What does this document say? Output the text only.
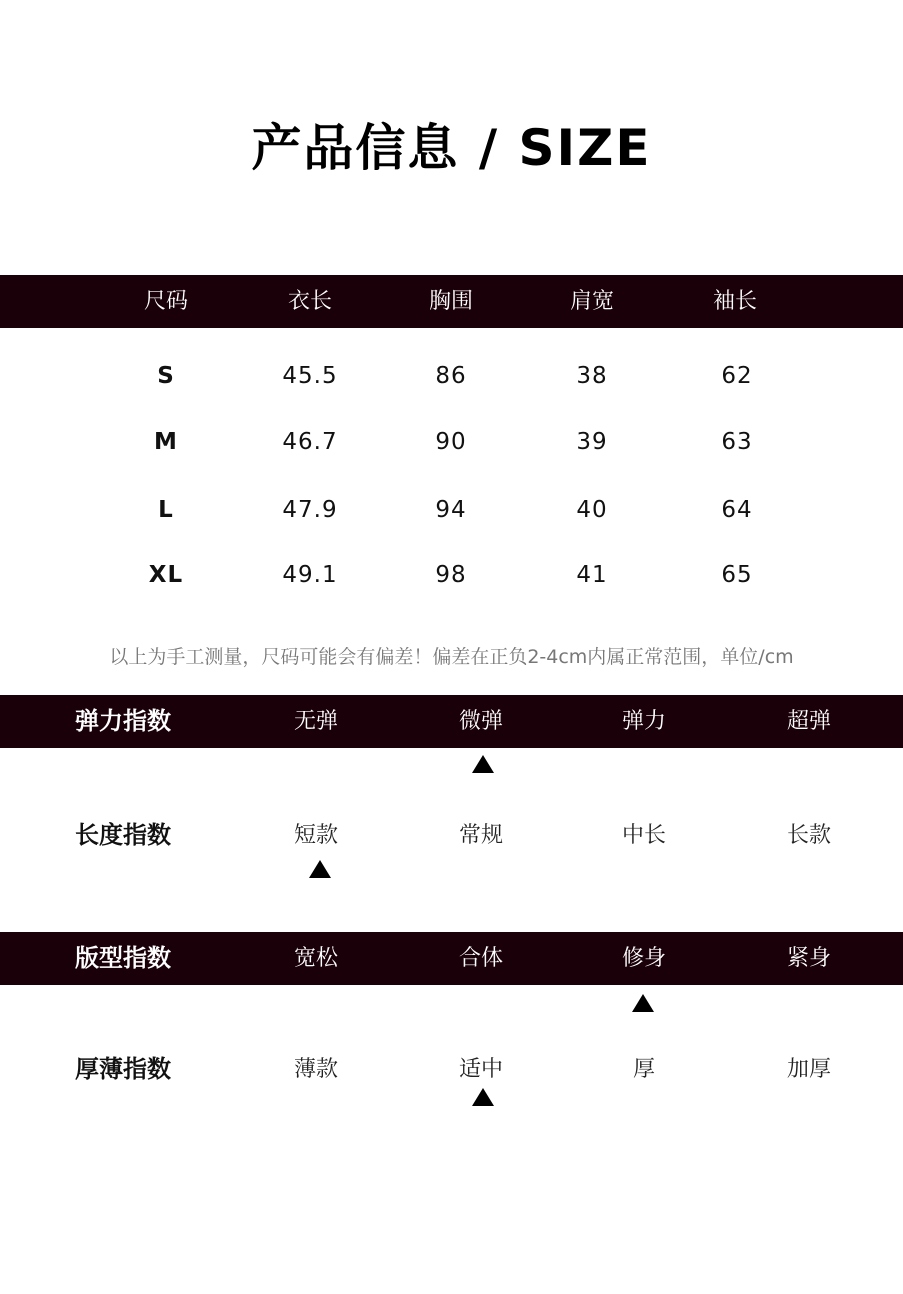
产品信息 / SIZE
尺码	衣长	胸围	肩宽	袖长
S	45.5	86	38	62
M	46.7	90	39	63
L	47.9	94	40	64
XL	49.1	98	41	65
以上为手工测量，尺码可能会有偏差！偏差在正负2-4cm内属正常范围，单位/cm
弹力指数	无弹	微弹	弹力	超弹
长度指数	短款	常规	中长	长款
版型指数	宽松	合体	修身	紧身
厚薄指数	薄款	适中	厚	加厚
